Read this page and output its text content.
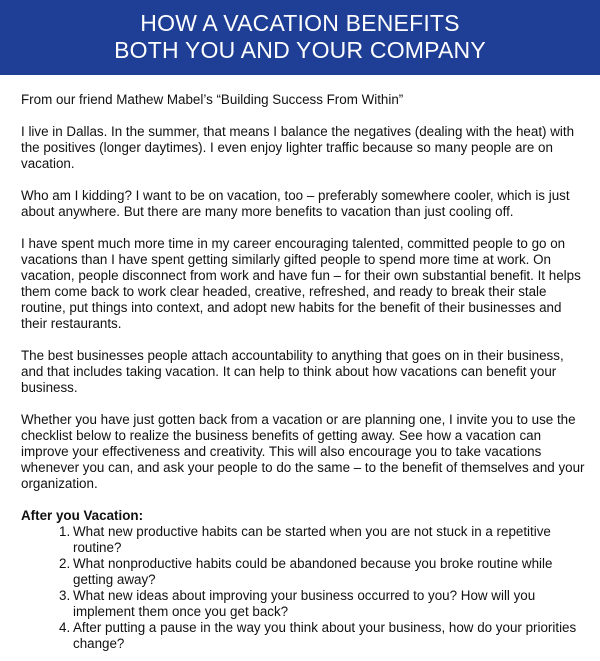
HOW A VACATION BENEFITS
BOTH YOU AND YOUR COMPANY

From our friend Mathew Mabel’s “Building Success From Within”

I live in Dallas. In the summer, that means I balance the negatives (dealing with the heat) with the positives (longer daytimes). I even enjoy lighter traffic because so many people are on vacation.

Who am I kidding? I want to be on vacation, too – preferably somewhere cooler, which is just about anywhere. But there are many more benefits to vacation than just cooling off.

I have spent much more time in my career encouraging talented, committed people to go on vacations than I have spent getting similarly gifted people to spend more time at work. On vacation, people disconnect from work and have fun – for their own substantial benefit. It helps them come back to work clear headed, creative, refreshed, and ready to break their stale routine, put things into context, and adopt new habits for the benefit of their businesses and their restaurants.

The best businesses people attach accountability to anything that goes on in their business, and that includes taking vacation. It can help to think about how vacations can benefit your business.

Whether you have just gotten back from a vacation or are planning one, I invite you to use the checklist below to realize the business benefits of getting away. See how a vacation can improve your effectiveness and creativity. This will also encourage you to take vacations whenever you can, and ask your people to do the same – to the benefit of themselves and your organization.

After you Vacation:

1. What new productive habits can be started when you are not stuck in a repetitive routine?
2. What nonproductive habits could be abandoned because you broke routine while getting away?
3. What new ideas about improving your business occurred to you? How will you implement them once you get back?
4. After putting a pause in the way you think about your business, how do your priorities change?
